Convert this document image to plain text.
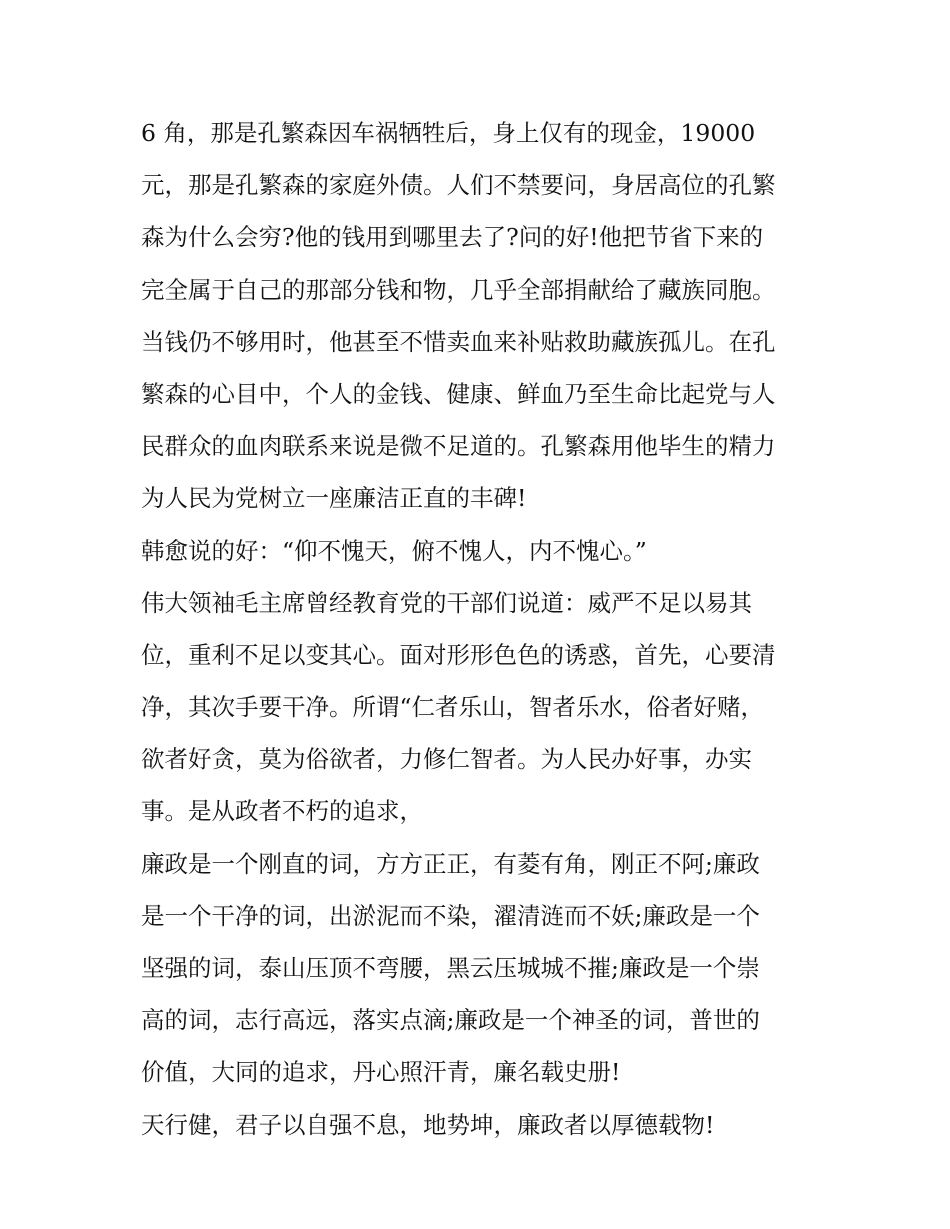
6 角，那是孔繁森因车祸牺牲后，身上仅有的现金，19000
元，那是孔繁森的家庭外债。人们不禁要问，身居高位的孔繁
森为什么会穷?他的钱用到哪里去了?问的好!他把节省下来的
完全属于自己的那部分钱和物，几乎全部捐献给了藏族同胞。
当钱仍不够用时，他甚至不惜卖血来补贴救助藏族孤儿。在孔
繁森的心目中，个人的金钱、健康、鲜血乃至生命比起党与人
民群众的血肉联系来说是微不足道的。孔繁森用他毕生的精力
为人民为党树立一座廉洁正直的丰碑!
韩愈说的好：“仰不愧天，俯不愧人，内不愧心。”
伟大领袖毛主席曾经教育党的干部们说道：威严不足以易其
位，重利不足以变其心。面对形形色色的诱惑，首先，心要清
净，其次手要干净。所谓“仁者乐山，智者乐水，俗者好赌，
欲者好贪，莫为俗欲者，力修仁智者。为人民办好事，办实
事。是从政者不朽的追求，
廉政是一个刚直的词，方方正正，有菱有角，刚正不阿;廉政
是一个干净的词，出淤泥而不染，濯清涟而不妖;廉政是一个
坚强的词，泰山压顶不弯腰，黑云压城城不摧;廉政是一个崇
高的词，志行高远，落实点滴;廉政是一个神圣的词，普世的
价值，大同的追求，丹心照汗青，廉名载史册!
天行健，君子以自强不息，地势坤，廉政者以厚德载物!
